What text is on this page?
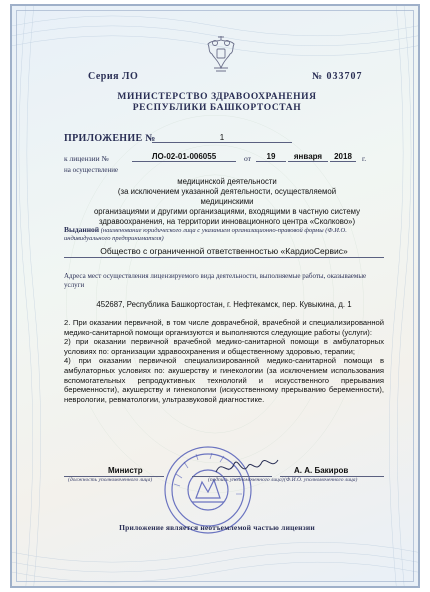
Серия ЛО	№ 033707
МИНИСТЕРСТВО ЗДРАВООХРАНЕНИЯ
РЕСПУБЛИКИ БАШКОРТОСТАН
ПРИЛОЖЕНИЕ №	1
к лицензии №	ЛО-02-01-006055	от	19	января	2018	г.
на осуществление
медицинской деятельности
(за исключением указанной деятельности, осуществляемой медицинскими
организациями и другими организациями, входящими в частную систему
здравоохранения, на территории инновационного центра «Сколково»)
Выданной (наименование юридического лица с указанием организационно-правовой формы (Ф.И.О. индивидуального предпринимателя)
Общество с ограниченной ответственностью «КардиоСервис»
Адреса мест осуществления лицензируемого вида деятельности, выполняемые работы, оказываемые услуги
452687, Республика Башкортостан, г. Нефтекамск, пер. Кувыкина, д. 1

2. При оказании первичной, в том числе доврачебной, врачебной и специализированной медико-санитарной помощи организуются и выполняются следующие работы (услуги):

2) при оказании первичной врачебной медико-санитарной помощи в амбулаторных условиях по: организации здравоохранения и общественному здоровью, терапии;

4) при оказании первичной специализированной медико-санитарной помощи в амбулаторных условиях по: акушерству и гинекологии (за исключением использования вспомогательных репродуктивных технологий и искусственного прерывания беременности), акушерству и гинекологии (искусственному прерыванию беременности), неврологии, ревматологии, ультразвуковой диагностике.

Министр	А. А. Бакиров
(должность уполномоченного лица)	(подпись уполномоченного лица) (Ф.И.О. уполномоченного лица)
Приложение является неотъемлемой частью лицензии
